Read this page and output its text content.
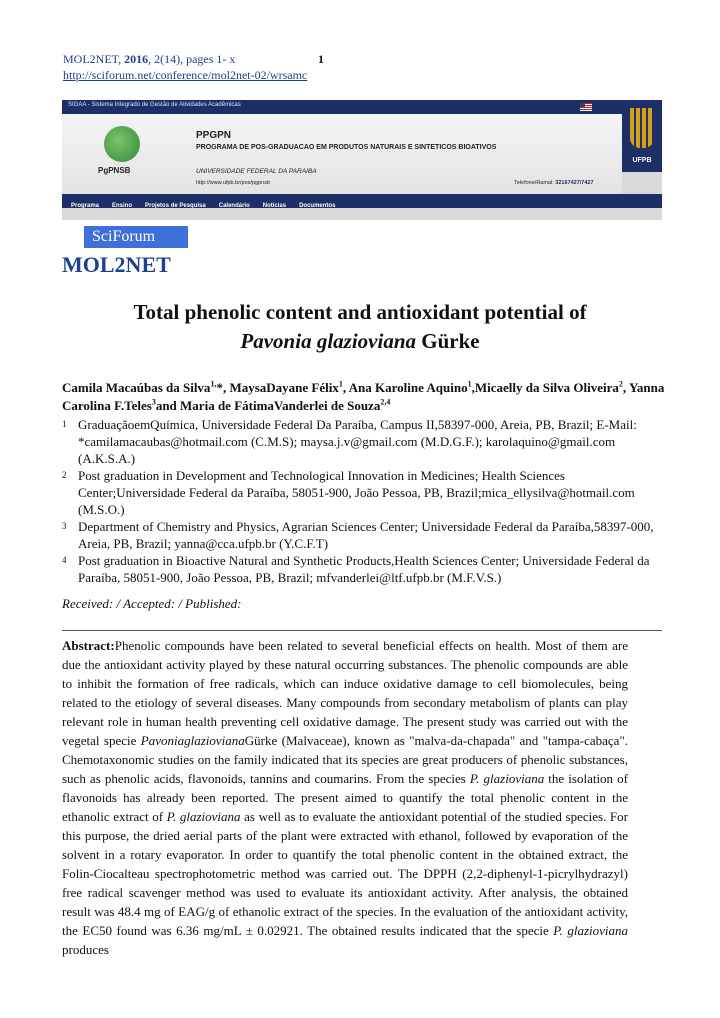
MOL2NET, 2016, 2(14), pages 1- x	1
http://sciforum.net/conference/mol2net-02/wrsamc
SIGAA - Sistema Integrado de Gestão de Atividades Acadêmicas
PgPNSB
PPGPN
PROGRAMA DE POS-GRADUACAO EM PRODUTOS NATURAIS E SINTETICOS BIOATIVOS
UNIVERSIDADE FEDERAL DA PARAIBA
http://www.ufpb.br/pos/pgpnsb	Telefone/Ramal: 32167427/7427
UFPB
Programa Ensino Projetos de Pesquisa Calendário Notícias Documentos
SciForum
MOL2NET
Total phenolic content and antioxidant potential of
Pavonia glazioviana Gürke
Camila Macaúbas da Silva$^{1,}$*, MaysaDayane Félix$^1$, Ana Karoline Aquino$^1$,Micaelly da Silva Oliveira$^2$, Yanna Carolina F.Teles$^3$and Maria de FátimaVanderlei de Souza$^{2,4}$
1 GraduaçãoemQuímica, Universidade Federal Da Paraíba, Campus II,58397-000, Areia, PB, Brazil; E-Mail: *camilamacaubas@hotmail.com (C.M.S); maysa.j.v@gmail.com (M.D.G.F.); karolaquino@gmail.com (A.K.S.A.)
2 Post graduation in Development and Technological Innovation in Medicines; Health Sciences Center;Universidade Federal da Paraíba, 58051-900, João Pessoa, PB, Brazil;mica_ellysilva@hotmail.com (M.S.O.)
3 Department of Chemistry and Physics, Agrarian Sciences Center; Universidade Federal da Paraíba,58397-000, Areia, PB, Brazil; yanna@cca.ufpb.br (Y.C.F.T)
4 Post graduation in Bioactive Natural and Synthetic Products,Health Sciences Center; Universidade Federal da Paraíba, 58051-900, João Pessoa, PB, Brazil; mfvanderlei@ltf.ufpb.br (M.F.V.S.)
Received: / Accepted: / Published:
Abstract:Phenolic compounds have been related to several beneficial effects on health. Most of them are due the antioxidant activity played by these natural occurring substances. The phenolic compounds are able to inhibit the formation of free radicals, which can induce oxidative damage to cell biomolecules, being related to the etiology of several diseases. Many compounds from secondary metabolism of plants can play relevant role in human health preventing cell oxidative damage. The present study was carried out with the vegetal specie PavoniaglaziovianaGürke (Malvaceae), known as "malva-da-chapada" and "tampa-cabaça". Chemotaxonomic studies on the family indicated that its species are great producers of phenolic substances, such as phenolic acids, flavonoids, tannins and coumarins. From the species P. glazioviana the isolation of flavonoids has already been reported. The present aimed to quantify the total phenolic content in the ethanolic extract of P. glazioviana as well as to evaluate the antioxidant potential of the studied species. For this purpose, the dried aerial parts of the plant were extracted with ethanol, followed by evaporation of the solvent in a rotary evaporator. In order to quantify the total phenolic content in the obtained extract, the Folin-Ciocalteau spectrophotometric method was carried out. The DPPH (2,2-diphenyl-1-picrylhydrazyl) free radical scavenger method was used to evaluate its antioxidant activity. After analysis, the obtained result was 48.4 mg of EAG/g of ethanolic extract of the species. In the evaluation of the antioxidant activity, the EC50 found was 6.36 mg/mL ± 0.02921. The obtained results indicated that the specie P. glazioviana produces
